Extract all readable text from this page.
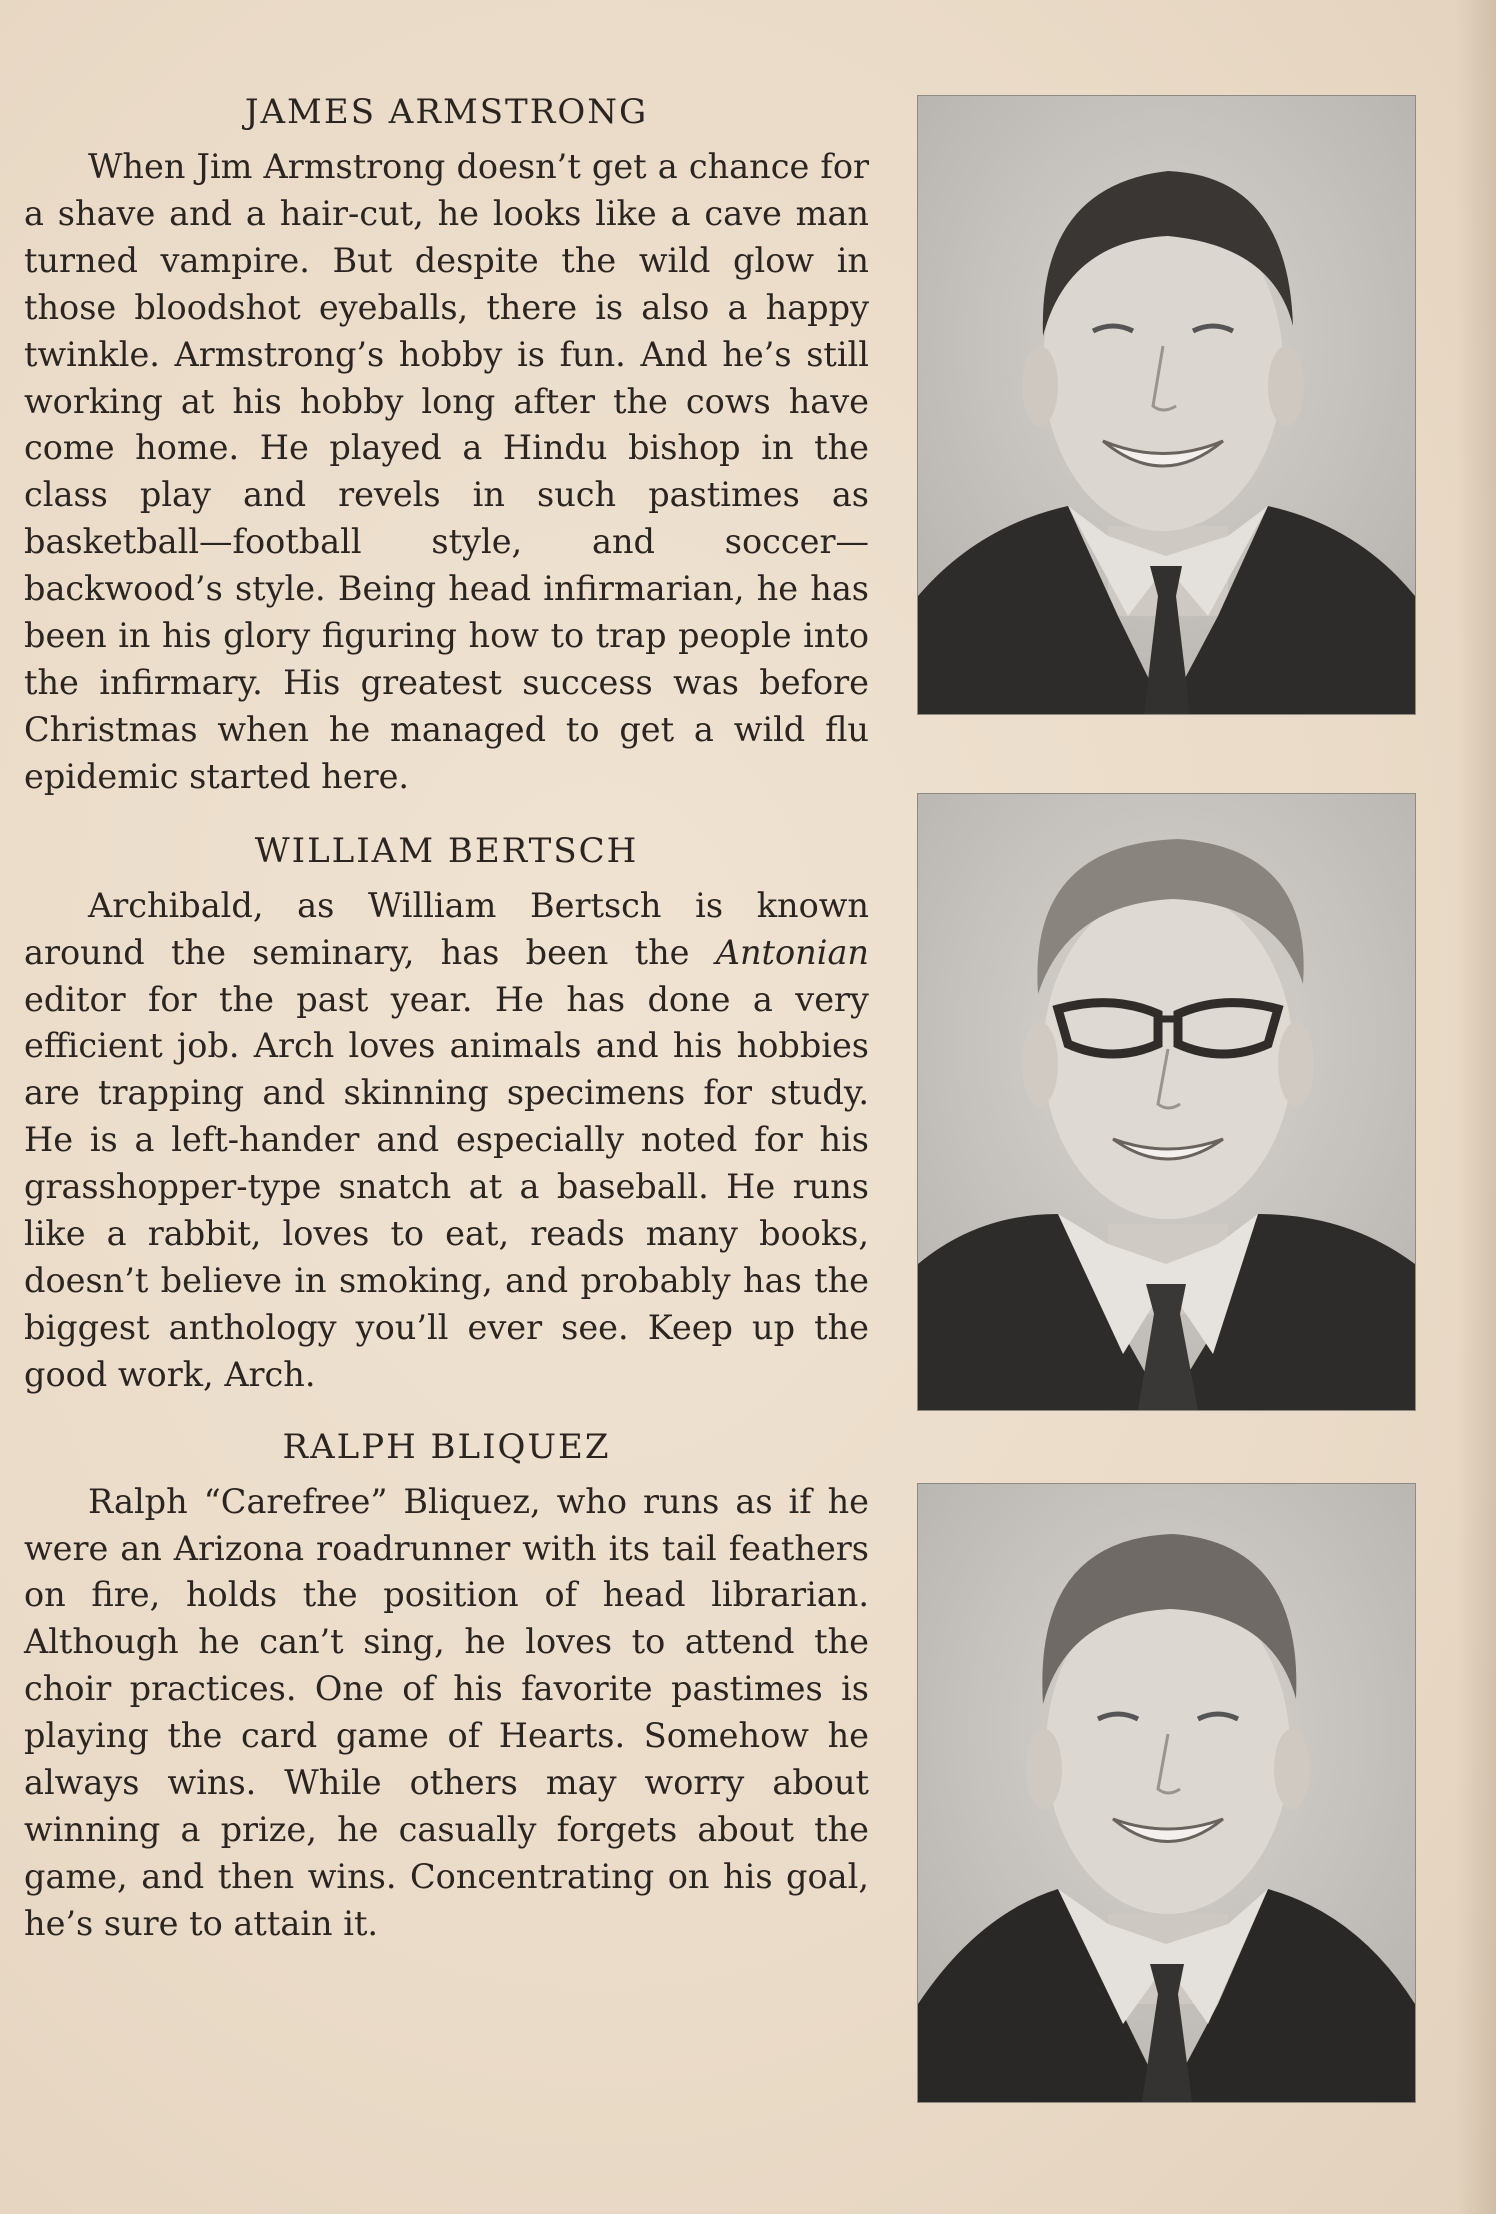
JAMES ARMSTRONG

When Jim Armstrong doesn’t get a chance for a shave and a hair-cut, he looks like a cave man turned vampire. But despite the wild glow in those bloodshot eyeballs, there is also a happy twinkle. Armstrong’s hobby is fun. And he’s still working at his hobby long after the cows have come home. He played a Hindu bishop in the class play and revels in such pastimes as basketball—football style, and soccer—backwood’s style. Being head infirmarian, he has been in his glory figuring how to trap people into the infirmary. His greatest success was before Christmas when he managed to get a wild flu epidemic started here.

WILLIAM BERTSCH

Archibald, as William Bertsch is known around the seminary, has been the Antonian editor for the past year. He has done a very efficient job. Arch loves animals and his hobbies are trapping and skinning specimens for study. He is a left-hander and especially noted for his grasshopper-type snatch at a baseball. He runs like a rabbit, loves to eat, reads many books, doesn’t believe in smoking, and probably has the biggest anthology you’ll ever see. Keep up the good work, Arch.

RALPH BLIQUEZ

Ralph “Carefree” Bliquez, who runs as if he were an Arizona roadrunner with its tail feathers on fire, holds the position of head librarian. Although he can’t sing, he loves to attend the choir practices. One of his favorite pastimes is playing the card game of Hearts. Somehow he always wins. While others may worry about winning a prize, he casually forgets about the game, and then wins. Concentrating on his goal, he’s sure to attain it.
